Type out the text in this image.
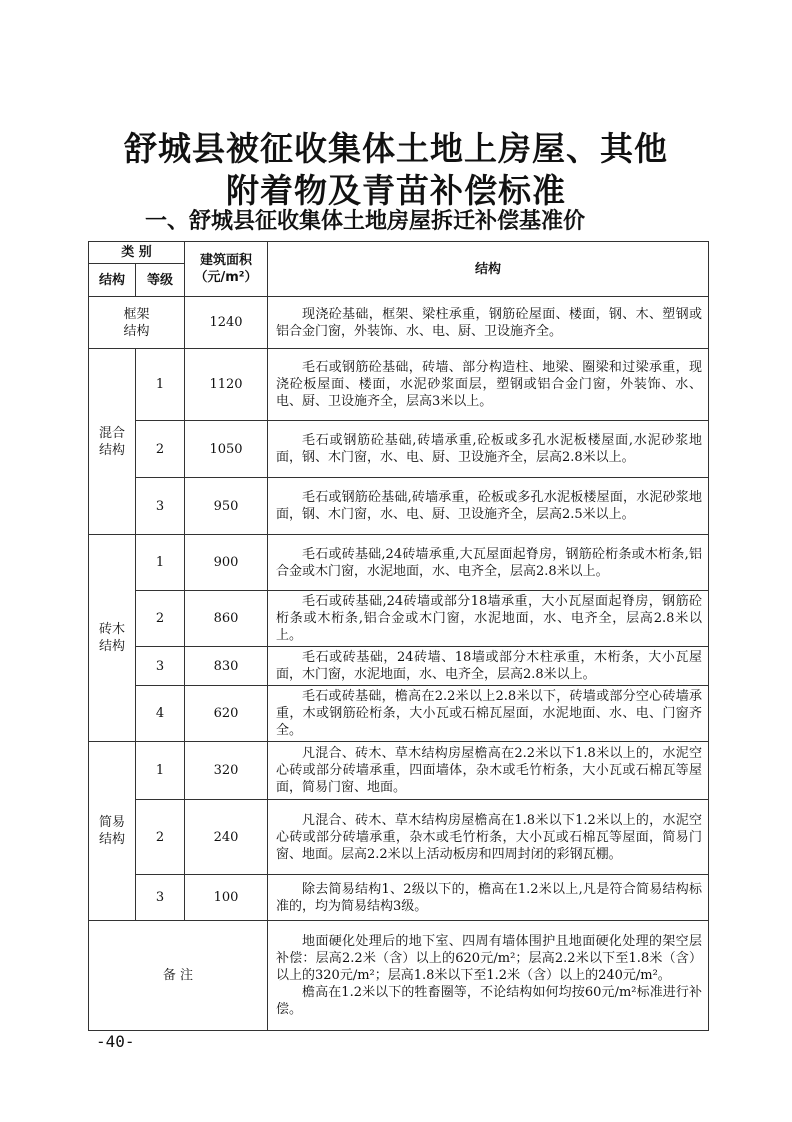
舒城县被征收集体土地上房屋、其他
附着物及青苗补偿标准
一、舒城县征收集体土地房屋拆迁补偿基准价
类 别		建筑面积（元/m²）	结构
结构	等级		

框架结构		1240	现浇砼基础，框架、梁柱承重，钢筋砼屋面、楼面，钢、木、塑钢或铝合金门窗，外装饰、水、电、厨、卫设施齐全。

混合结构	1	1120	毛石或钢筋砼基础，砖墙、部分构造柱、地梁、圈梁和过梁承重，现浇砼板屋面、楼面，水泥砂浆面层，塑钢或铝合金门窗，外装饰、水、电、厨、卫设施齐全，层高3米以上。
	2	1050	毛石或钢筋砼基础,砖墙承重,砼板或多孔水泥板楼屋面,水泥砂浆地面，钢、木门窗，水、电、厨、卫设施齐全，层高2.8米以上。
	3	950	毛石或钢筋砼基础,砖墙承重，砼板或多孔水泥板楼屋面，水泥砂浆地面，钢、木门窗，水、电、厨、卫设施齐全，层高2.5米以上。

砖木结构	1	900	毛石或砖基础,24砖墙承重,大瓦屋面起脊房，钢筋砼桁条或木桁条,铝合金或木门窗，水泥地面，水、电齐全，层高2.8米以上。
	2	860	毛石或砖基础,24砖墙或部分18墙承重，大小瓦屋面起脊房，钢筋砼桁条或木桁条,铝合金或木门窗，水泥地面，水、电齐全，层高2.8米以上。
	3	830	毛石或砖基础，24砖墙、18墙或部分木柱承重，木桁条，大小瓦屋面，木门窗，水泥地面，水、电齐全，层高2.8米以上。
	4	620	毛石或砖基础，檐高在2.2米以上2.8米以下，砖墙或部分空心砖墙承重，木或钢筋砼桁条，大小瓦或石棉瓦屋面，水泥地面、水、电、门窗齐全。

简易结构	1	320	凡混合、砖木、草木结构房屋檐高在2.2米以下1.8米以上的，水泥空心砖或部分砖墙承重，四面墙体，杂木或毛竹桁条，大小瓦或石棉瓦等屋面，简易门窗、地面。
	2	240	凡混合、砖木、草木结构房屋檐高在1.8米以下1.2米以上的，水泥空心砖或部分砖墙承重，杂木或毛竹桁条，大小瓦或石棉瓦等屋面，简易门窗、地面。层高2.2米以上活动板房和四周封闭的彩钢瓦棚。
	3	100	除去简易结构1、2级以下的，檐高在1.2米以上,凡是符合简易结构标准的，均为简易结构3级。
备 注			地面硬化处理后的地下室、四周有墙体围护且地面硬化处理的架空层补偿：层高2.2米（含）以上的620元/m²；层高2.2米以下至1.8米（含）以上的320元/m²；层高1.8米以下至1.2米（含）以上的240元/m²。

檐高在1.2米以下的牲畜圈等，不论结构如何均按60元/m²标准进行补偿。

-40-
